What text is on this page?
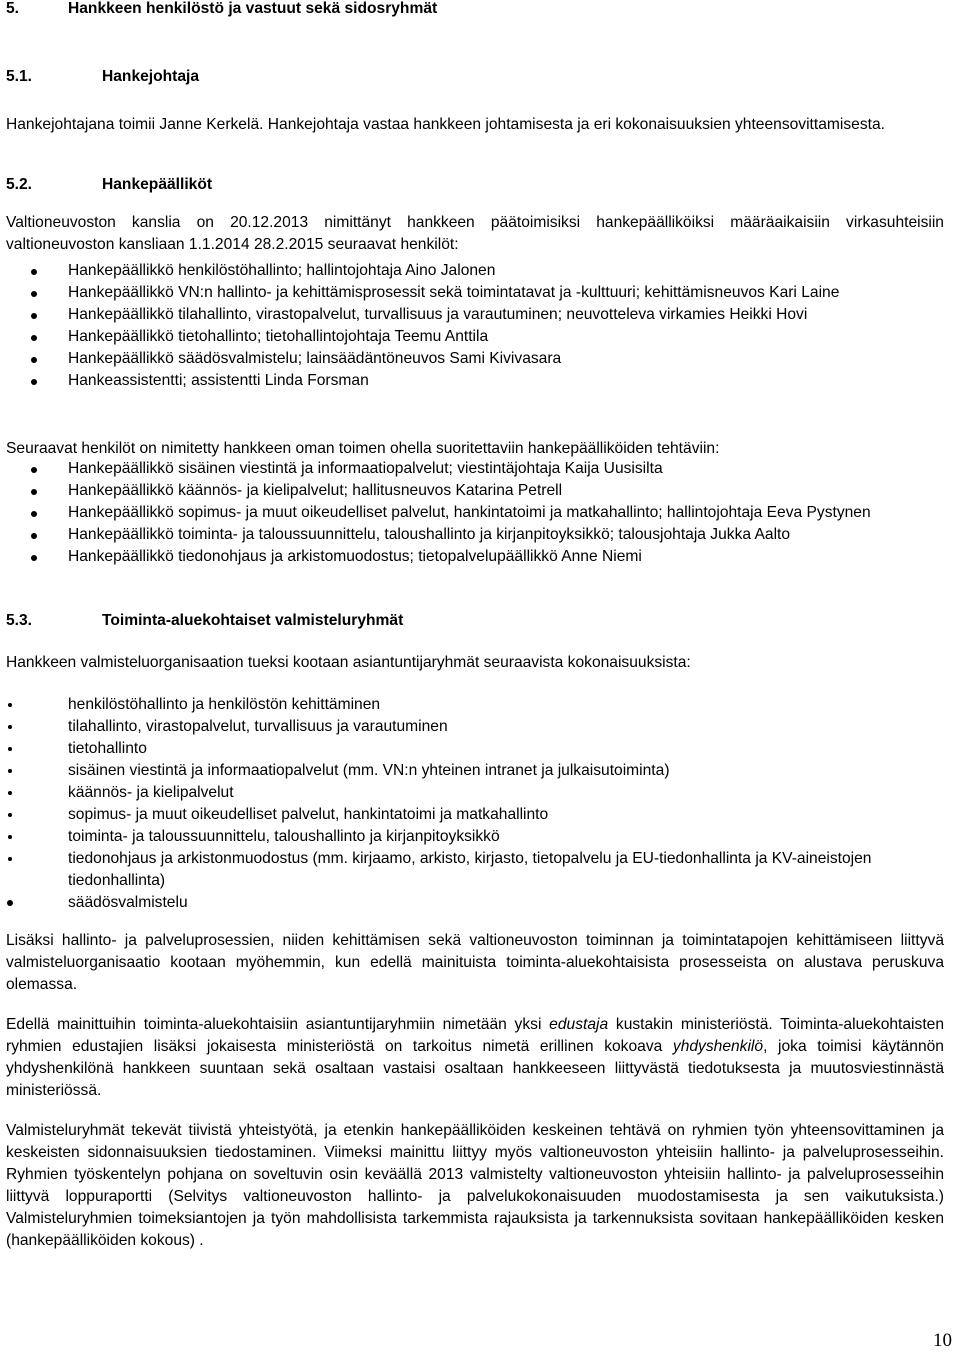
5.	Hankkeen henkilöstö ja vastuut sekä sidosryhmät
5.1.	Hankejohtaja
Hankejohtajana toimii Janne Kerkelä. Hankejohtaja vastaa hankkeen johtamisesta ja eri kokonaisuuksien yhteensovittamisesta.
5.2.	Hankepäälliköt
Valtioneuvoston kanslia on 20.12.2013 nimittänyt hankkeen päätoimisiksi hankepäälliköiksi määräaikaisiin virkasuhteisiin valtioneuvoston kansliaan 1.1.2014 28.2.2015 seuraavat henkilöt:
Hankepäällikkö henkilöstöhallinto; hallintojohtaja Aino Jalonen
Hankepäällikkö VN:n hallinto- ja kehittämisprosessit sekä toimintatavat ja -kulttuuri; kehittämisneuvos Kari Laine
Hankepäällikkö tilahallinto, virastopalvelut, turvallisuus ja varautuminen; neuvotteleva virkamies Heikki Hovi
Hankepäällikkö tietohallinto; tietohallintojohtaja Teemu Anttila
Hankepäällikkö säädösvalmistelu; lainsäädäntöneuvos Sami Kivivasara
Hankeassistentti; assistentti Linda Forsman
Seuraavat henkilöt on nimitetty hankkeen oman toimen ohella suoritettaviin hankepäälliköiden tehtäviin:
Hankepäällikkö sisäinen viestintä ja informaatiopalvelut; viestintäjohtaja Kaija Uusisilta
Hankepäällikkö käännös- ja kielipalvelut; hallitusneuvos Katarina Petrell
Hankepäällikkö sopimus- ja muut oikeudelliset palvelut, hankintatoimi ja matkahallinto; hallintojohtaja Eeva Pystynen
Hankepäällikkö toiminta- ja taloussuunnittelu, taloushallinto ja kirjanpitoyksikkö; talousjohtaja Jukka Aalto
Hankepäällikkö tiedonohjaus ja arkistomuodostus; tietopalvelupäällikkö Anne Niemi
5.3.	Toiminta-aluekohtaiset valmisteluryhmät
Hankkeen valmisteluorganisaation tueksi kootaan asiantuntijaryhmät seuraavista kokonaisuuksista:
henkilöstöhallinto ja henkilöstön kehittäminen
tilahallinto, virastopalvelut, turvallisuus ja varautuminen
tietohallinto
sisäinen viestintä ja informaatiopalvelut (mm. VN:n yhteinen intranet ja julkaisutoiminta)
käännös- ja kielipalvelut
sopimus- ja muut oikeudelliset palvelut, hankintatoimi ja matkahallinto
toiminta- ja taloussuunnittelu, taloushallinto ja kirjanpitoyksikkö
tiedonohjaus ja arkistonmuodostus (mm. kirjaamo, arkisto, kirjasto, tietopalvelu ja EU-tiedonhallinta ja KV-aineistojen tiedonhallinta)
säädösvalmistelu
Lisäksi hallinto- ja palveluprosessien, niiden kehittämisen sekä valtioneuvoston toiminnan ja toimintatapojen kehittämiseen liittyvä valmisteluorganisaatio kootaan myöhemmin, kun edellä mainituista toiminta-aluekohtaisista prosesseista on alustava peruskuva olemassa.
Edellä mainittuihin toiminta-aluekohtaisiin asiantuntijaryhmiin nimetään yksi edustaja kustakin ministeriöstä. Toiminta-aluekohtaisten ryhmien edustajien lisäksi jokaisesta ministeriöstä on tarkoitus nimetä erillinen kokoava yhdyshenkilö, joka toimisi käytännön yhdyshenkilönä hankkeen suuntaan sekä osaltaan vastaisi osaltaan hankkeeseen liittyvästä tiedotuksesta ja muutosviestinnästä ministeriössä.
Valmisteluryhmät tekevät tiivistä yhteistyötä, ja etenkin hankepäälliköiden keskeinen tehtävä on ryhmien työn yhteensovittaminen ja keskeisten sidonnaisuuksien tiedostaminen. Viimeksi mainittu liittyy myös valtioneuvoston yhteisiin hallinto- ja palveluprosesseihin. Ryhmien työskentelyn pohjana on soveltuvin osin keväällä 2013 valmistelty valtioneuvoston yhteisiin hallinto- ja palveluprosesseihin liittyvä loppuraportti (Selvitys valtioneuvoston hallinto- ja palvelukokonaisuuden muodostamisesta ja sen vaikutuksista.) Valmisteluryhmien toimeksiantojen ja työn mahdollisista tarkemmista rajauksista ja tarkennuksista sovitaan hankepäälliköiden kesken (hankepäälliköiden kokous) .
10
